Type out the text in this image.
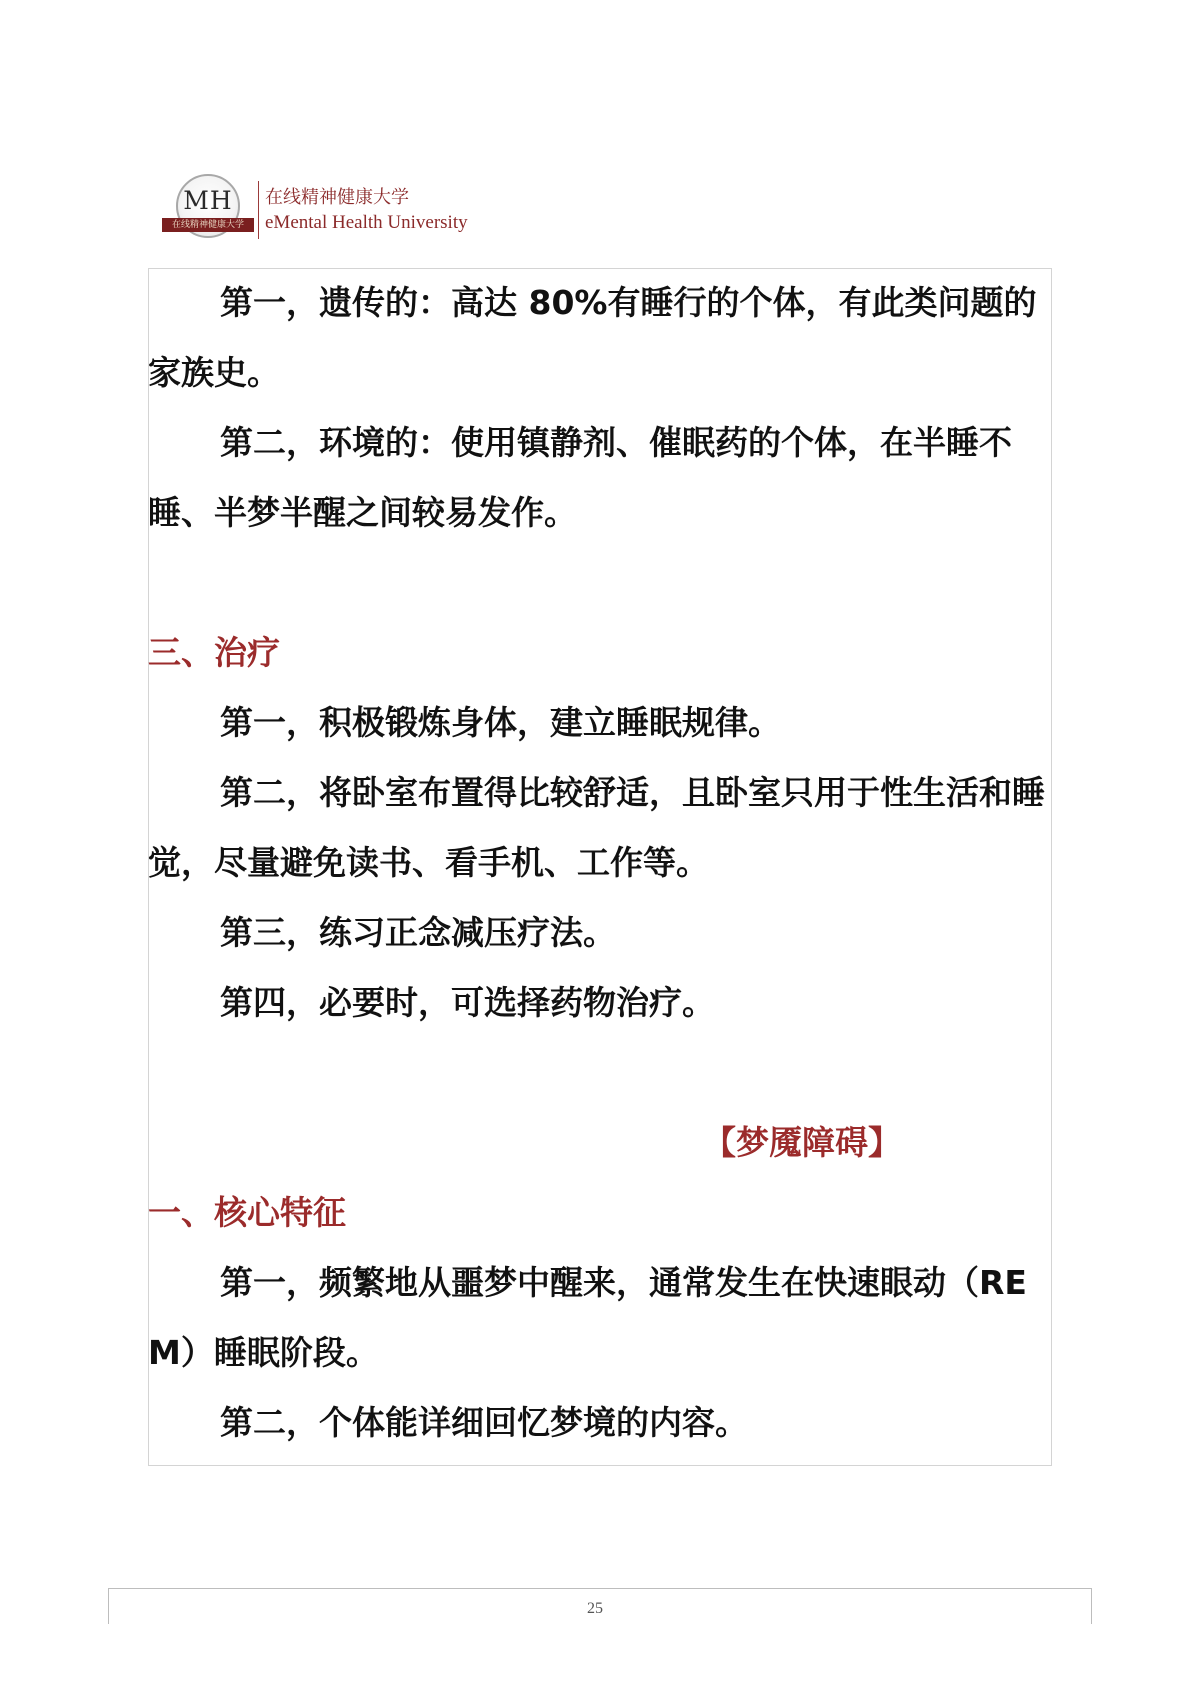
MH
在线精神健康大学
在线精神健康大学
eMental Health University

第一，遗传的：高达 80%有睡行的个体，有此类问题的家族史。

第二，环境的：使用镇静剂、催眠药的个体，在半睡不睡、半梦半醒之间较易发作。

三、治疗

第一，积极锻炼身体，建立睡眠规律。

第二，将卧室布置得比较舒适，且卧室只用于性生活和睡觉，尽量避免读书、看手机、工作等。

第三，练习正念减压疗法。

第四，必要时，可选择药物治疗。

【梦魇障碍】

一、核心特征

第一，频繁地从噩梦中醒来，通常发生在快速眼动（REM）睡眠阶段。

第二，个体能详细回忆梦境的内容。

25
